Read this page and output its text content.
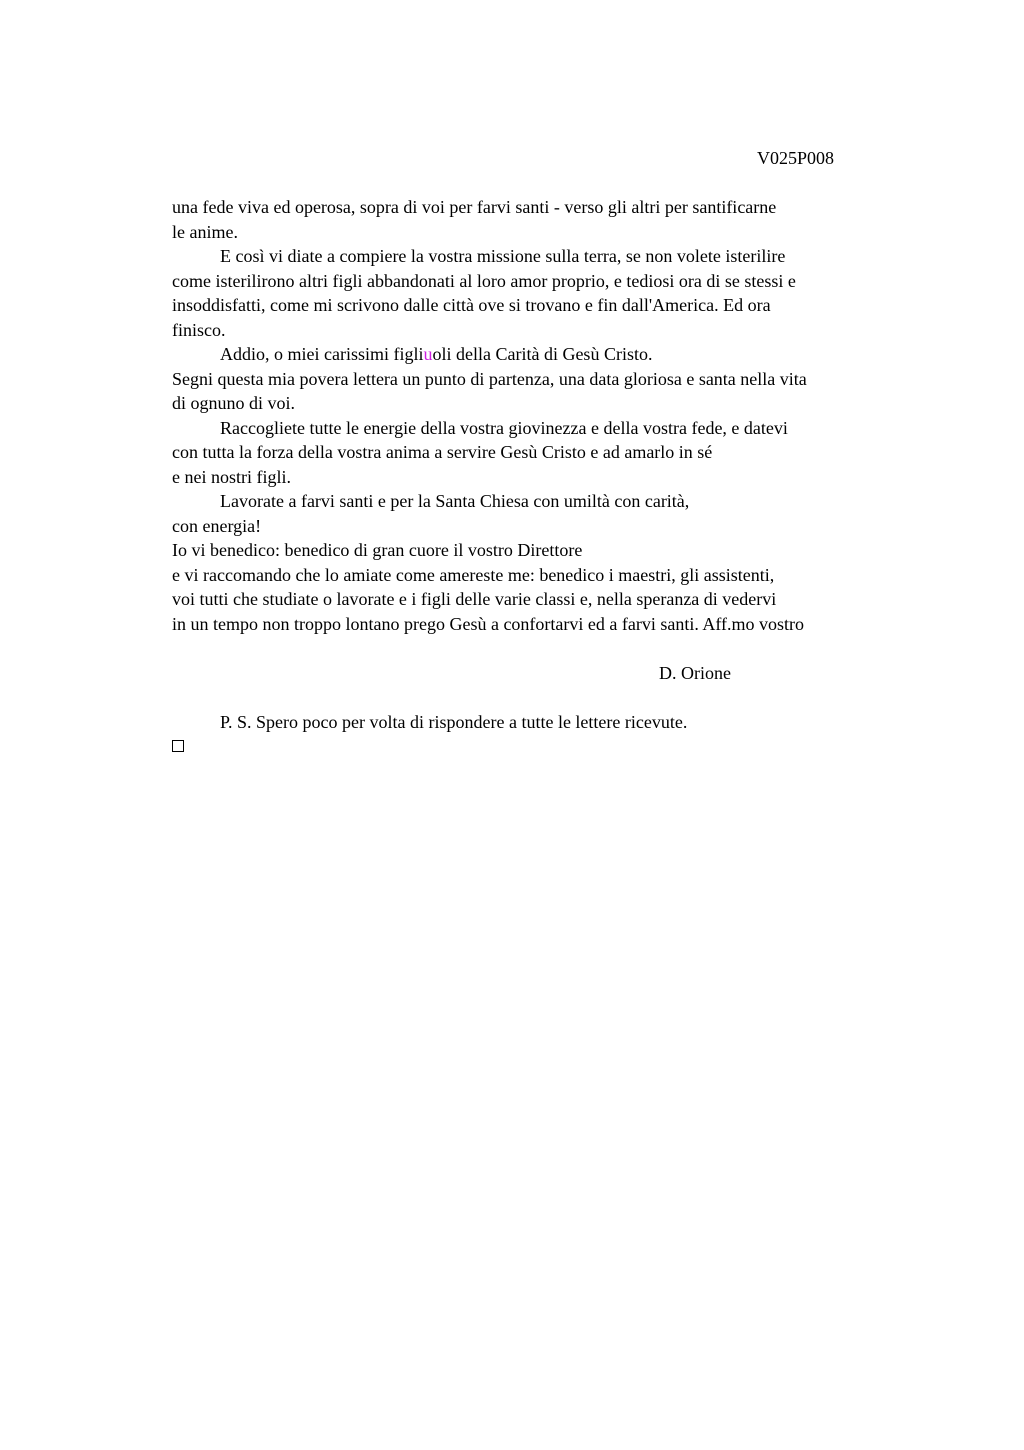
V025P008
una fede viva ed operosa, sopra di voi per farvi santi - verso gli altri per santificarne
le anime.
E così vi diate a compiere la vostra missione sulla terra, se non volete isterilire
come isterilirono altri figli abbandonati al loro amor proprio, e tediosi ora di se stessi e
insoddisfatti, come mi scrivono dalle città ove si trovano e fin dall'America. Ed ora
finisco.
Addio, o miei carissimi figliuoli della Carità di Gesù Cristo.
Segni questa mia povera lettera un punto di partenza, una data gloriosa e santa nella vita
di ognuno di voi.
Raccogliete tutte le energie della vostra giovinezza e della vostra fede, e datevi
con tutta la forza della vostra anima a servire Gesù Cristo e ad amarlo in sé
e nei nostri figli.
Lavorate a farvi santi e per la Santa Chiesa con umiltà con carità,
con energia!
Io vi benedico: benedico di gran cuore il vostro Direttore
e vi raccomando che lo amiate come amereste me: benedico i maestri, gli assistenti,
voi tutti che studiate o lavorate e i figli delle varie classi e, nella speranza di vedervi
in un tempo non troppo lontano prego Gesù a confortarvi ed a farvi santi. Aff.mo vostro
D. Orione
P. S. Spero poco per volta di rispondere a tutte le lettere ricevute.
